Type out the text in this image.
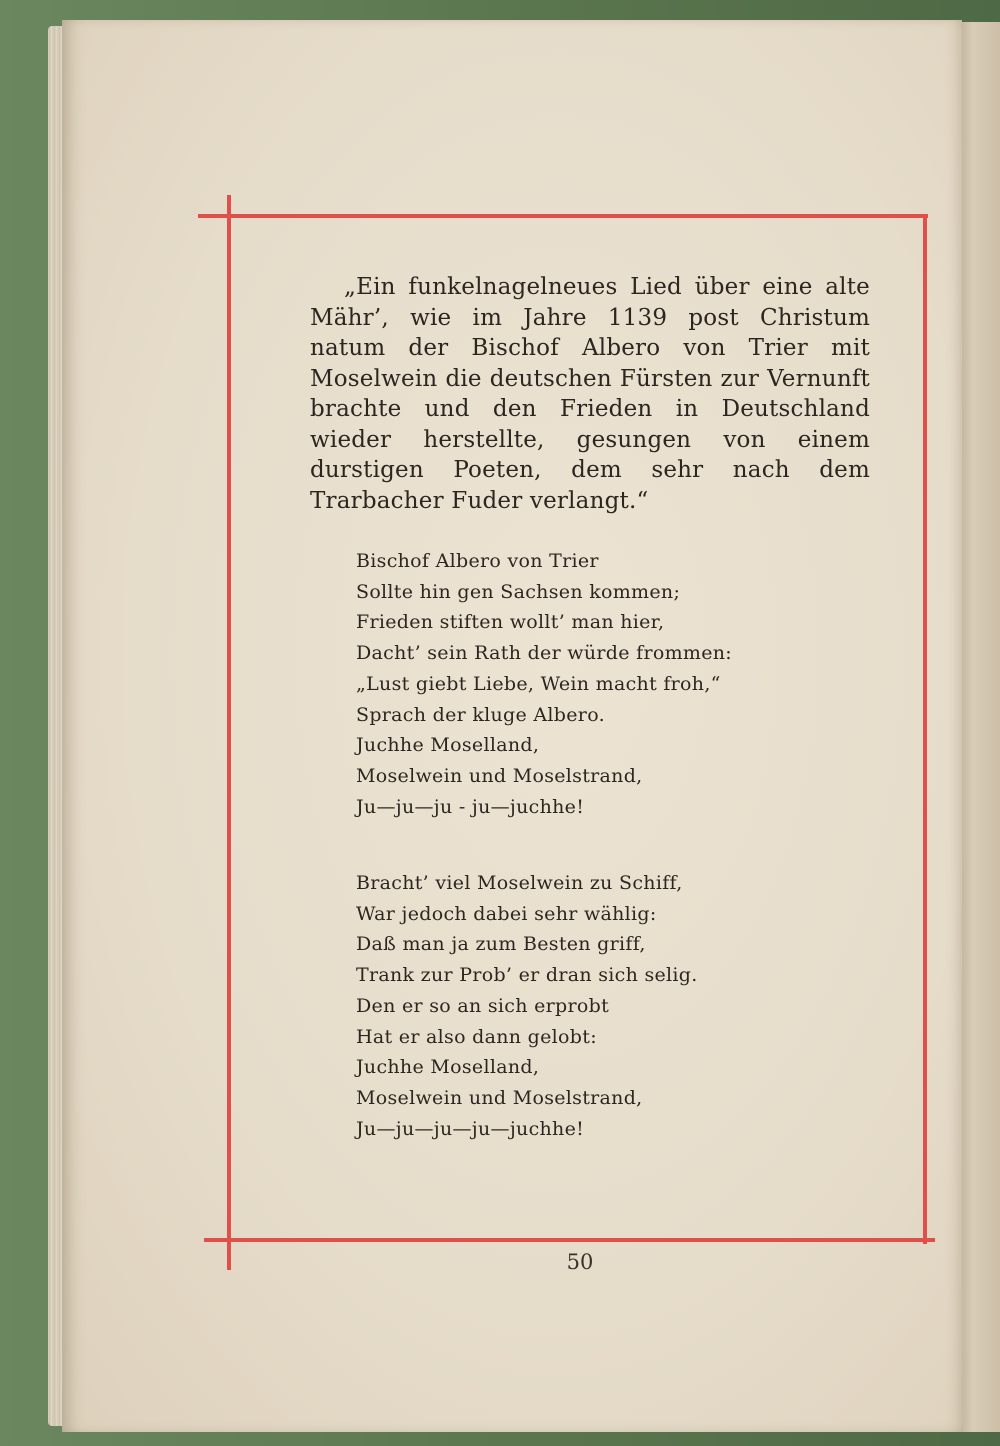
„Ein funkelnagelneues Lied über eine alte Mähr’, wie im Jahre 1139 post Christum natum der Bischof Albero von Trier mit Moselwein die deutschen Fürsten zur Vernunft brachte und den Frieden in Deutschland wieder herstellte, gesungen von einem durstigen Poeten, dem sehr nach dem Trarbacher Fuder verlangt.“

Bischof Albero von Trier
Sollte hin gen Sachsen kommen;
Frieden stiften wollt’ man hier,
Dacht’ sein Rath der würde frommen:
„Lust giebt Liebe, Wein macht froh,“
Sprach der kluge Albero.
Juchhe Moselland,
Moselwein und Moselstrand,
Ju—ju—ju - ju—juchhe!
Bracht’ viel Moselwein zu Schiff,
War jedoch dabei sehr wählig:
Daß man ja zum Besten griff,
Trank zur Prob’ er dran sich selig.
Den er so an sich erprobt
Hat er also dann gelobt:
Juchhe Moselland,
Moselwein und Moselstrand,
Ju—ju—ju—ju—juchhe!
50
